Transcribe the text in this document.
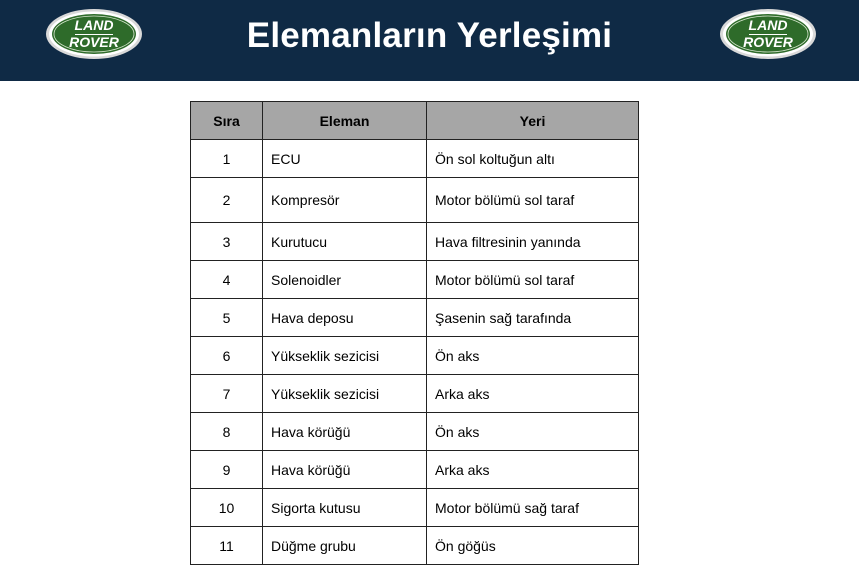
LAND
ROVER	Elemanların Yerleşimi	LAND
ROVER
Sıra	Eleman	Yeri
1	ECU	Ön sol koltuğun altı
2	Kompresör	Motor bölümü sol taraf
3	Kurutucu	Hava filtresinin yanında
4	Solenoidler	Motor bölümü sol taraf
5	Hava deposu	Şasenin sağ tarafında
6	Yükseklik sezicisi	Ön aks
7	Yükseklik sezicisi	Arka aks
8	Hava körüğü	Ön aks
9	Hava körüğü	Arka aks
10	Sigorta kutusu	Motor bölümü sağ taraf
11	Düğme grubu	Ön göğüs
